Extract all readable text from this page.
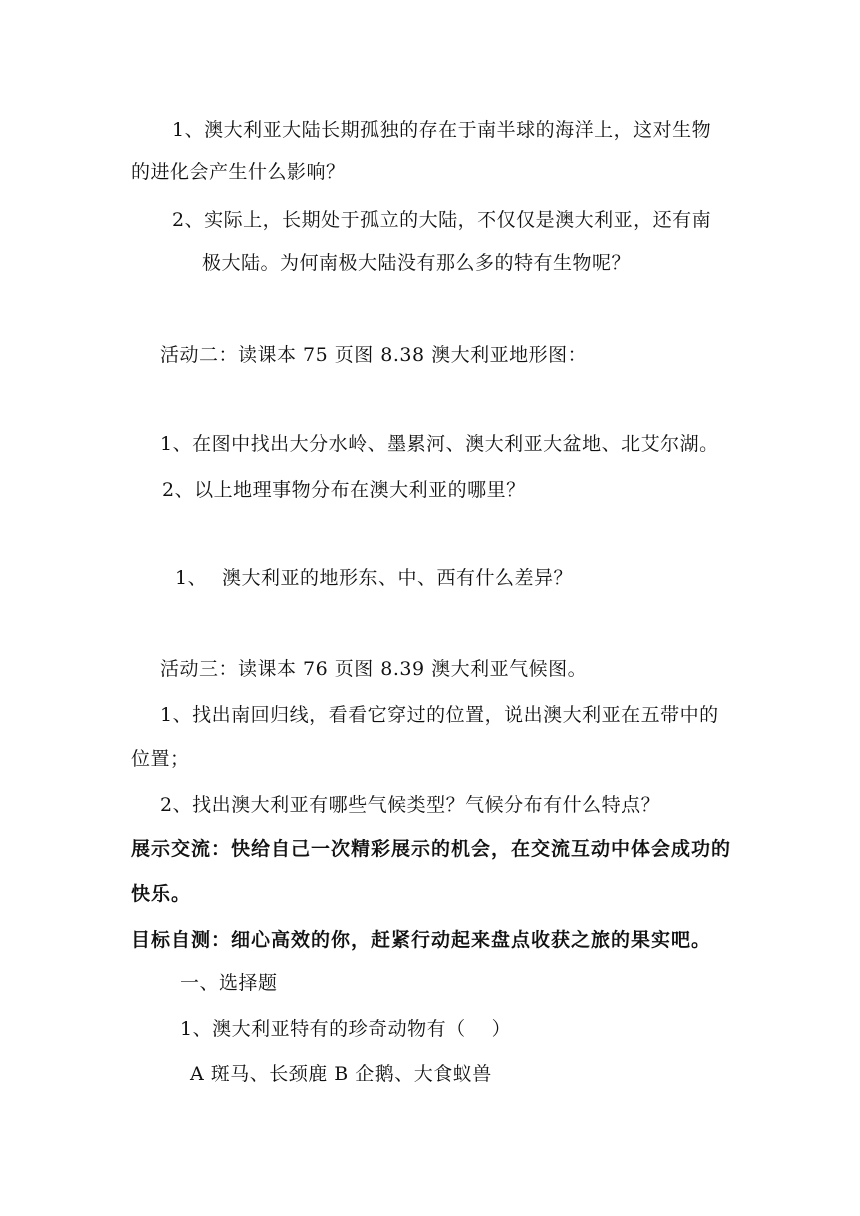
1、澳大利亚大陆长期孤独的存在于南半球的海洋上，这对生物
的进化会产生什么影响？
2、实际上，长期处于孤立的大陆，不仅仅是澳大利亚，还有南
极大陆。为何南极大陆没有那么多的特有生物呢？
活动二：读课本 75 页图 8.38 澳大利亚地形图：
1、在图中找出大分水岭、墨累河、澳大利亚大盆地、北艾尔湖。
2、以上地理事物分布在澳大利亚的哪里？
1、 澳大利亚的地形东、中、西有什么差异？
活动三：读课本 76 页图 8.39 澳大利亚气候图。
1、找出南回归线，看看它穿过的位置，说出澳大利亚在五带中的
位置；
2、找出澳大利亚有哪些气候类型？气候分布有什么特点？
展示交流：快给自己一次精彩展示的机会，在交流互动中体会成功的
快乐。
目标自测：细心高效的你，赶紧行动起来盘点收获之旅的果实吧。
一、选择题
1、澳大利亚特有的珍奇动物有（　 ）
A 斑马、长颈鹿 B 企鹅、大食蚁兽
